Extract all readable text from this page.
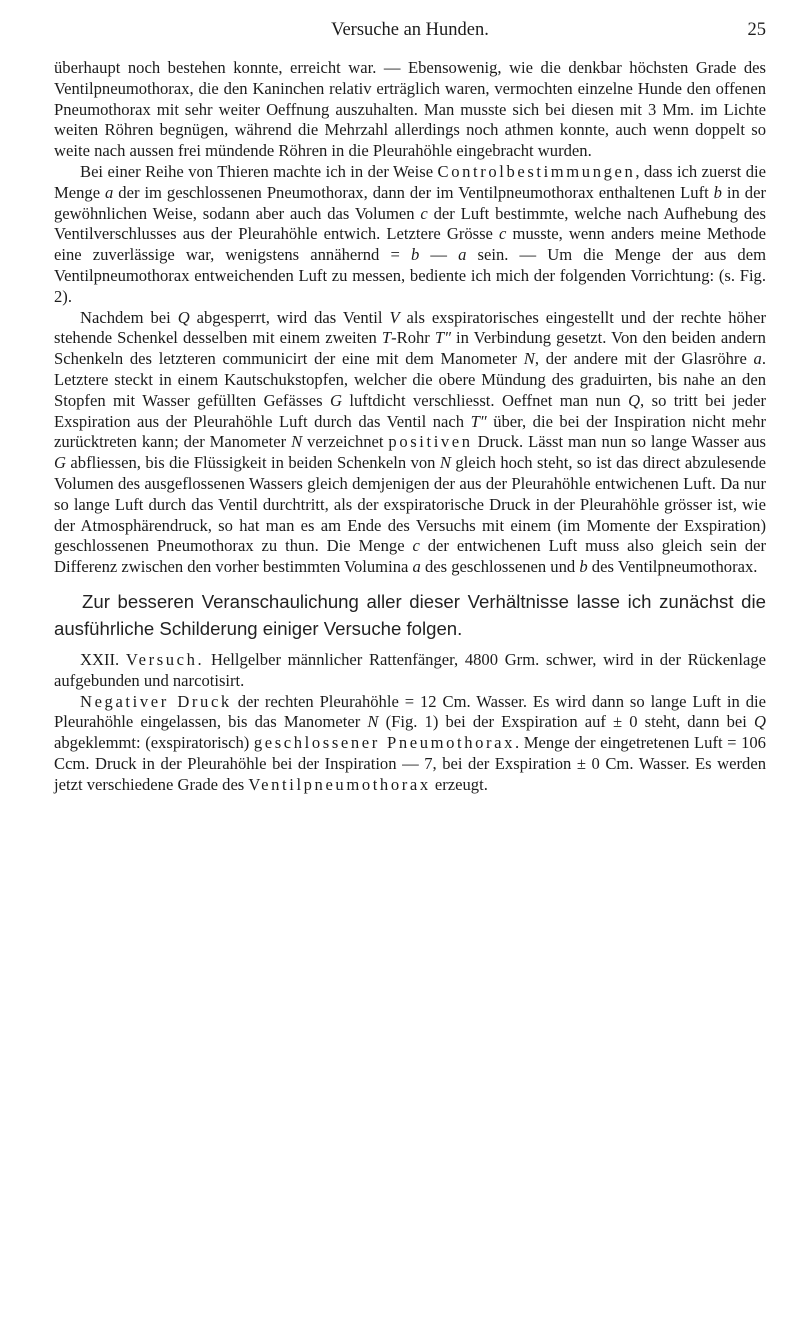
Versuche an Hunden.	25

überhaupt noch bestehen konnte, erreicht war. — Ebensowenig, wie die denkbar höchsten Grade des Ventilpneumothorax, die den Kaninchen relativ erträglich waren, vermochten einzelne Hunde den offenen Pneumothorax mit sehr weiter Oeffnung auszuhalten. Man musste sich bei diesen mit 3 Mm. im Lichte weiten Röhren begnügen, während die Mehrzahl allerdings noch athmen konnte, auch wenn doppelt so weite nach aussen frei mündende Röhren in die Pleurahöhle eingebracht wurden.

Bei einer Reihe von Thieren machte ich in der Weise Controlbestimmungen, dass ich zuerst die Menge a der im geschlossenen Pneumothorax, dann der im Ventilpneumothorax enthaltenen Luft b in der gewöhnlichen Weise, sodann aber auch das Volumen c der Luft bestimmte, welche nach Aufhebung des Ventilverschlusses aus der Pleurahöhle entwich. Letztere Grösse c musste, wenn anders meine Methode eine zuverlässige war, wenigstens annähernd = b — a sein. — Um die Menge der aus dem Ventilpneumothorax entweichenden Luft zu messen, bediente ich mich der folgenden Vorrichtung: (s. Fig. 2).

Nachdem bei Q abgesperrt, wird das Ventil V als exspiratorisches eingestellt und der rechte höher stehende Schenkel desselben mit einem zweiten T-Rohr T″ in Verbindung gesetzt. Von den beiden andern Schenkeln des letzteren communicirt der eine mit dem Manometer N, der andere mit der Glasröhre a. Letztere steckt in einem Kautschukstopfen, welcher die obere Mündung des graduirten, bis nahe an den Stopfen mit Wasser gefüllten Gefässes G luftdicht verschliesst. Oeffnet man nun Q, so tritt bei jeder Exspiration aus der Pleurahöhle Luft durch das Ventil nach T″ über, die bei der Inspiration nicht mehr zurücktreten kann; der Manometer N verzeichnet positiven Druck. Lässt man nun so lange Wasser aus G abfliessen, bis die Flüssigkeit in beiden Schenkeln von N gleich hoch steht, so ist das direct abzulesende Volumen des ausgeflossenen Wassers gleich demjenigen der aus der Pleurahöhle entwichenen Luft. Da nur so lange Luft durch das Ventil durchtritt, als der exspiratorische Druck in der Pleurahöhle grösser ist, wie der Atmosphärendruck, so hat man es am Ende des Versuchs mit einem (im Momente der Exspiration) geschlossenen Pneumothorax zu thun. Die Menge c der entwichenen Luft muss also gleich sein der Differenz zwischen den vorher bestimmten Volumina a des geschlossenen und b des Ventilpneumothorax.

Zur besseren Veranschaulichung aller dieser Verhältnisse lasse ich zunächst die ausführliche Schilderung einiger Versuche folgen.

XXII. Versuch. Hellgelber männlicher Rattenfänger, 4800 Grm. schwer, wird in der Rückenlage aufgebunden und narcotisirt.

Negativer Druck der rechten Pleurahöhle = 12 Cm. Wasser. Es wird dann so lange Luft in die Pleurahöhle eingelassen, bis das Manometer N (Fig. 1) bei der Exspiration auf ± 0 steht, dann bei Q abgeklemmt: (exspiratorisch) geschlossener Pneumothorax. Menge der eingetretenen Luft = 106 Ccm. Druck in der Pleurahöhle bei der Inspiration — 7, bei der Exspiration ± 0 Cm. Wasser. Es werden jetzt verschiedene Grade des Ventilpneumothorax erzeugt.
